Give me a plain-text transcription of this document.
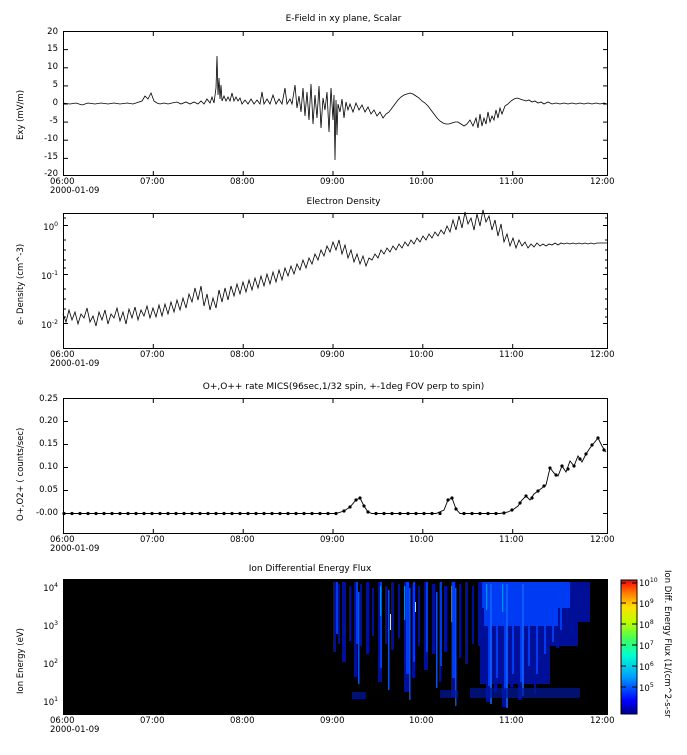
E-Field in xy plane, Scalar
Exy (mV/m)
20
15
10
5
0
-5
-10
-15
-20
06:00	07:00	08:00	09:00	10:00	11:00	12:00
2000-01-09
Electron Density
e- Density (cm^-3)
$10^0$
$10^{-1}$
$10^{-2}$
06:00	07:00	08:00	09:00	10:00	11:00	12:00
2000-01-09
O+,O++ rate MICS(96sec,1/32 spin, +-1deg FOV perp to spin)
O+,O2+ ( counts/sec)
0.25
0.20
0.15
0.10
0.05
-0.00
06:00	07:00	08:00	09:00	10:00	11:00	12:00
2000-01-09
Ion Differential Energy Flux
Ion Energy (eV)
$10^4$
$10^3$
$10^2$
$10^1$
$10^{10}$
$10^9$
$10^8$
$10^7$
$10^6$
$10^5$ Ion Diff. Energy Flux (1/(cm^2-s-sr
06:00	07:00	08:00	09:00	10:00	11:00	12:00
2000-01-09
